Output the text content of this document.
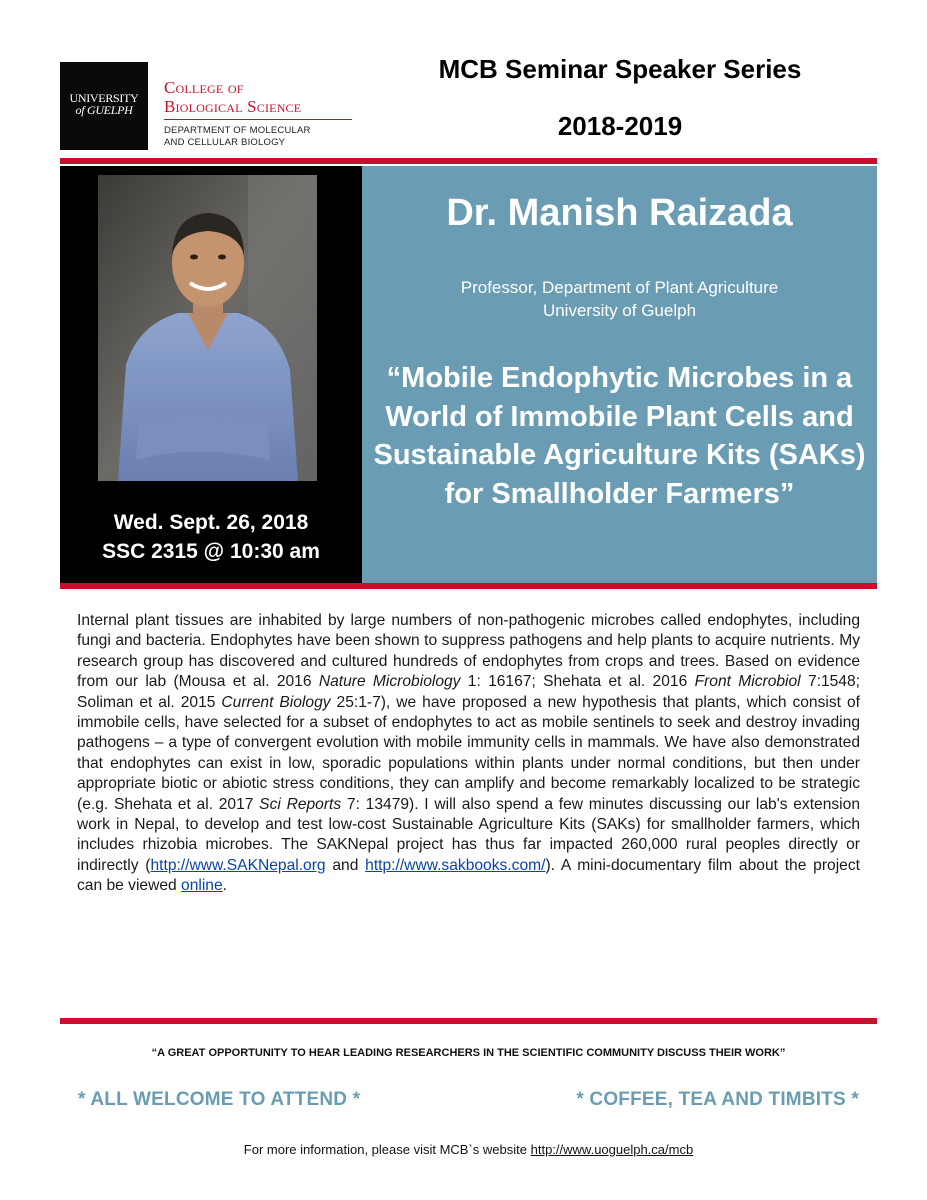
UNIVERSITY
of GUELPH
College of
Biological Science
DEPARTMENT OF MOLECULAR
AND CELLULAR BIOLOGY
MCB Seminar Speaker Series
2018-2019
Wed. Sept. 26, 2018
SSC 2315 @ 10:30 am
Dr. Manish Raizada
Professor, Department of Plant Agriculture
University of Guelph
“Mobile Endophytic Microbes in a World of Immobile Plant Cells and Sustainable Agriculture Kits (SAKs) for Smallholder Farmers”
Internal plant tissues are inhabited by large numbers of non-pathogenic microbes called endophytes, including fungi and bacteria. Endophytes have been shown to suppress pathogens and help plants to acquire nutrients. My research group has discovered and cultured hundreds of endophytes from crops and trees. Based on evidence from our lab (Mousa et al. 2016 Nature Microbiology 1: 16167; Shehata et al. 2016 Front Microbiol 7:1548; Soliman et al. 2015 Current Biology 25:1-7), we have proposed a new hypothesis that plants, which consist of immobile cells, have selected for a subset of endophytes to act as mobile sentinels to seek and destroy invading pathogens – a type of convergent evolution with mobile immunity cells in mammals. We have also demonstrated that endophytes can exist in low, sporadic populations within plants under normal conditions, but then under appropriate biotic or abiotic stress conditions, they can amplify and become remarkably localized to be strategic (e.g. Shehata et al. 2017 Sci Reports 7: 13479). I will also spend a few minutes discussing our lab's extension work in Nepal, to develop and test low-cost Sustainable Agriculture Kits (SAKs) for smallholder farmers, which includes rhizobia microbes. The SAKNepal project has thus far impacted 260,000 rural peoples directly or indirectly (http://www.SAKNepal.org and http://www.sakbooks.com/). A mini-documentary film about the project can be viewed online.
“A GREAT OPPORTUNITY TO HEAR LEADING RESEARCHERS IN THE SCIENTIFIC COMMUNITY DISCUSS THEIR WORK”
* ALL WELCOME TO ATTEND *	* COFFEE, TEA AND TIMBITS *
For more information, please visit MCB`s website http://www.uoguelph.ca/mcb
